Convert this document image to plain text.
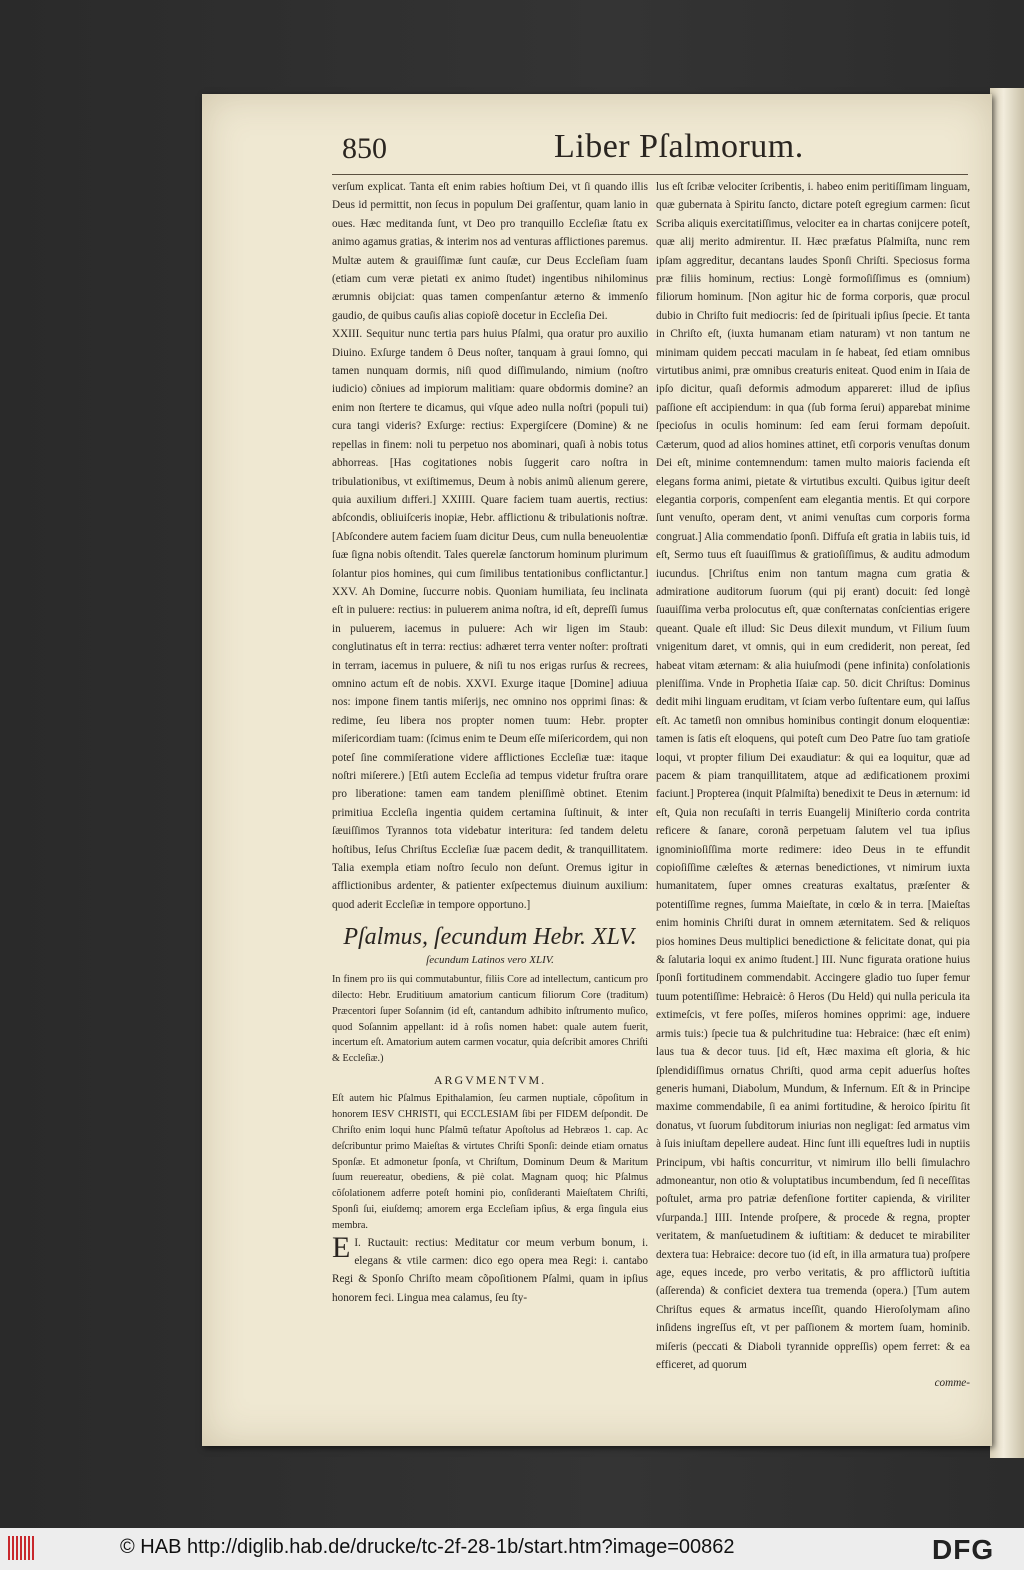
850	Liber Pſalmorum.

verſum explicat. Tanta eſt enim rabies hoſtium Dei, vt ſi quando illis Deus id permittit, non ſecus in populum Dei graſſentur, quam lanio in oues. Hæc meditanda ſunt, vt Deo pro tranquillo Eccleſiæ ſtatu ex animo agamus gratias, & interim nos ad venturas afflictiones paremus. Multæ autem & grauiſſimæ ſunt cauſæ, cur Deus Eccleſiam ſuam (etiam cum veræ pietati ex animo ſtudet) ingentibus nihilominus ærumnis obijciat: quas tamen compenſantur æterno & immenſo gaudio, de quibus cauſis alias copioſè docetur in Eccleſia Dei.

XXIII. Sequitur nunc tertia pars huius Pſalmi, qua oratur pro auxilio Diuino. Exſurge tandem ô Deus noſter, tanquam à graui ſomno, qui tamen nunquam dormis, niſi quod diſſimulando, nimium (noſtro iudicio) cõniues ad impiorum malitiam: quare obdormis domine? an enim non ſtertere te dicamus, qui vſque adeo nulla noſtri (populi tui) cura tangi videris? Exſurge: rectius: Expergiſcere (Domine) & ne repellas in finem: noli tu perpetuo nos abominari, quaſi à nobis totus abhorreas. [Has cogitationes nobis ſuggerit caro noſtra in tribulationibus, vt exiſtimemus, Deum à nobis animũ alienum gerere, quia auxilium dıfferi.] XXIIII. Quare faciem tuam auertis, rectius: abſcondis, obliuiſceris inopiæ, Hebr. afflictionu & tribulationis noſtræ. [Abſcondere autem faciem ſuam dicitur Deus, cum nulla beneuolentiæ ſuæ ſigna nobis oſtendit. Tales querelæ ſanctorum hominum plurimum ſolantur pios homines, qui cum ſimilibus tentationibus conflictantur.] XXV. Ah Domine, ſuccurre nobis. Quoniam humiliata, ſeu inclinata eſt in puluere: rectius: in puluerem anima noſtra, id eſt, depreſſi ſumus in puluerem, iacemus in puluere: Ach wir ligen im Staub: conglutinatus eſt in terra: rectius: adhæret terra venter noſter: proſtrati in terram, iacemus in puluere, & niſi tu nos erigas rurſus & recrees, omnino actum eſt de nobis. XXVI. Exurge itaque [Domine] adiuua nos: impone finem tantis miſerijs, nec omnino nos opprimi ſinas: & redime, ſeu libera nos propter nomen tuum: Hebr. propter miſericordiam tuam: (ſcimus enim te Deum eſſe miſericordem, qui non poteſ ſine commiſeratione videre afflictiones Eccleſiæ tuæ: itaque noſtri miſerere.) [Etſi autem Eccleſia ad tempus videtur fruſtra orare pro liberatione: tamen eam tandem pleniſſimè obtinet. Etenim primitiua Eccleſia ingentia quidem certamina ſuſtinuit, & inter ſæuiſſimos Tyrannos tota videbatur interitura: ſed tandem deletu hoſtibus, Ieſus Chriſtus Eccleſiæ ſuæ pacem dedit, & tranquillitatem. Talia exempla etiam noſtro ſeculo non deſunt. Oremus igitur in afflictionibus ardenter, & patienter exſpectemus diuinum auxilium: quod aderit Eccleſiæ in tempore opportuno.]

Pſalmus, ſecundum Hebr. XLV.
ſecundum Latinos vero XLIV.

In finem pro iis qui commutabuntur, filiis Core ad intellectum, canticum pro dilecto: Hebr. Eruditiuum amatorium canticum filiorum Core (traditum) Præcentori ſuper Soſannim (id eſt, cantandum adhibito inſtrumento muſico, quod Soſannim appellant: id à roſis nomen habet: quale autem fuerit, incertum eſt. Amatorium autem carmen vocatur, quia deſcribit amores Chriſti & Eccleſiæ.)

ARGVMENTVM.

Eſt autem hic Pſalmus Epithalamion, ſeu carmen nuptiale, cõpoſitum in honorem IESV CHRISTI, qui ECCLESIAM ſibi per FIDEM deſpondit. De Chriſto enim loqui hunc Pſalmũ teſtatur Apoſtolus ad Hebræos 1. cap. Ac deſcribuntur primo Maieſtas & virtutes Chriſti Sponſi: deinde etiam ornatus Sponſæ. Et admonetur ſponſa, vt Chriſtum, Dominum Deum & Maritum ſuum reuereatur, obediens, & piè colat. Magnam quoq; hic Pſalmus cõſolationem adferre poteſt homini pio, conſideranti Maieſtatem Chriſti, Sponſi ſui, eiuſdemq; amorem erga Eccleſiam ipſius, & erga ſingula eius membra.

I.
E Ructauit: rectius: Meditatur cor meum verbum bonum, i. elegans & vtile carmen: dico ego opera mea Regi: i. cantabo Regi & Sponſo Chriſto meam cõpoſitionem Pſalmi, quam in ipſius honorem feci. Lingua mea calamus, ſeu ſty-

lus eſt ſcribæ velociter ſcribentis, i. habeo enim peritiſſimam linguam, quæ gubernata à Spiritu ſancto, dictare poteſt egregium carmen: ſicut Scriba aliquis exercitatiſſimus, velociter ea in chartas conijcere poteſt, quæ alij merito admirentur. II. Hæc præfatus Pſalmiſta, nunc rem ipſam aggreditur, decantans laudes Sponſi Chriſti. Speciosus forma præ filiis hominum, rectius: Longè formoſiſſimus es (omnium) filiorum hominum. [Non agitur hic de forma corporis, quæ procul dubio in Chriſto fuit mediocris: ſed de ſpirituali ipſius ſpecie. Et tanta in Chriſto eſt, (iuxta humanam etiam naturam) vt non tantum ne minimam quidem peccati maculam in ſe habeat, ſed etiam omnibus virtutibus animi, præ omnibus creaturis eniteat. Quod enim in Iſaia de ipſo dicitur, quaſi deformis admodum appareret: illud de ipſius paſſione eſt accipiendum: in qua (ſub forma ſerui) apparebat minime ſpecioſus in oculis hominum: ſed eam ſerui formam depoſuit. Cæterum, quod ad alios homines attinet, etſi corporis venuſtas donum Dei eſt, minime contemnendum: tamen multo maioris facienda eſt elegans forma animi, pietate & virtutibus exculti. Quibus igitur deeſt elegantia corporis, compenſent eam elegantia mentis. Et qui corpore ſunt venuſto, operam dent, vt animi venuſtas cum corporis forma congruat.] Alia commendatio ſponſi. Diffuſa eſt gratia in labiis tuis, id eſt, Sermo tuus eſt ſuauiſſimus & gratioſiſſimus, & auditu admodum iucundus. [Chriſtus enim non tantum magna cum gratia & admiratione auditorum ſuorum (qui pij erant) docuit: ſed longè ſuauiſſima verba prolocutus eſt, quæ conſternatas conſcientias erigere queant. Quale eſt illud: Sic Deus dilexit mundum, vt Filium ſuum vnigenitum daret, vt omnis, qui in eum crediderit, non pereat, ſed habeat vitam æternam: & alia huiuſmodi (pene infinita) conſolationis pleniſſima. Vnde in Prophetia Iſaiæ cap. 50. dicit Chriſtus: Dominus dedit mihi linguam eruditam, vt ſciam verbo ſuſtentare eum, qui laſſus eſt. Ac tametſi non omnibus hominibus contingit donum eloquentiæ: tamen is ſatis eſt eloquens, qui poteſt cum Deo Patre ſuo tam gratioſe loqui, vt propter filium Dei exaudiatur: & qui ea loquitur, quæ ad pacem & piam tranquillitatem, atque ad ædificationem proximi faciunt.] Propterea (inquit Pſalmiſta) benedixit te Deus in æternum: id eſt, Quia non recuſaſti in terris Euangelij Miniſterio corda contrita reficere & ſanare, coronã perpetuam ſalutem vel tua ipſius ignominioſiſſima morte redimere: ideo Deus in te effundit copioſiſſime cæleſtes & æternas benedictiones, vt nimirum iuxta humanitatem, ſuper omnes creaturas exaltatus, præſenter & potentiſſime regnes, ſumma Maieſtate, in cœlo & in terra. [Maieſtas enim hominis Chriſti durat in omnem æternitatem. Sed & reliquos pios homines Deus multiplici benedictione & felicitate donat, qui pia & ſalutaria loqui ex animo ſtudent.] III. Nunc figurata oratione huius ſponſi fortitudinem commendabit. Accingere gladio tuo ſuper femur tuum potentiſſime: Hebraicè: ô Heros (Du Held) qui nulla pericula ita extimeſcis, vt fere poſſes, miſeros homines opprimi: age, induere armis tuis:) ſpecie tua & pulchritudine tua: Hebraice: (hæc eſt enim) laus tua & decor tuus. [id eſt, Hæc maxima eſt gloria, & hic ſplendidiſſimus ornatus Chriſti, quod arma cepit aduerſus hoſtes generis humani, Diabolum, Mundum, & Infernum. Eſt & in Principe maxime commendabile, ſi ea animi fortitudine, & heroico ſpiritu ſit donatus, vt ſuorum ſubditorum iniurias non negligat: ſed armatus vim à ſuis iniuſtam depellere audeat. Hinc ſunt illi equeſtres ludi in nuptiis Principum, vbi haſtis concurritur, vt nimirum illo belli ſimulachro admoneantur, non otio & voluptatibus incumbendum, ſed ſi neceſſitas poſtulet, arma pro patriæ defenſione fortiter capienda, & viriliter vſurpanda.] IIII. Intende proſpere, & procede & regna, propter veritatem, & manſuetudinem & iuſtitiam: & deducet te mirabiliter dextera tua: Hebraice: decore tuo (id eſt, in illa armatura tua) proſpere age, eques incede, pro verbo veritatis, & pro afflictorũ iuſtitia (aſſerenda) & conficiet dextera tua tremenda (opera.) [Tum autem Chriſtus eques & armatus inceſſit, quando Hieroſolymam aſino inſidens ingreſſus eſt, vt per paſſionem & mortem ſuam, hominib. miſeris (peccati & Diaboli tyrannide oppreſſis) opem ferret: & ea efficeret, ad quorum

comme-

© HAB http://diglib.hab.de/drucke/tc-2f-28-1b/start.htm?image=00862	DFG
